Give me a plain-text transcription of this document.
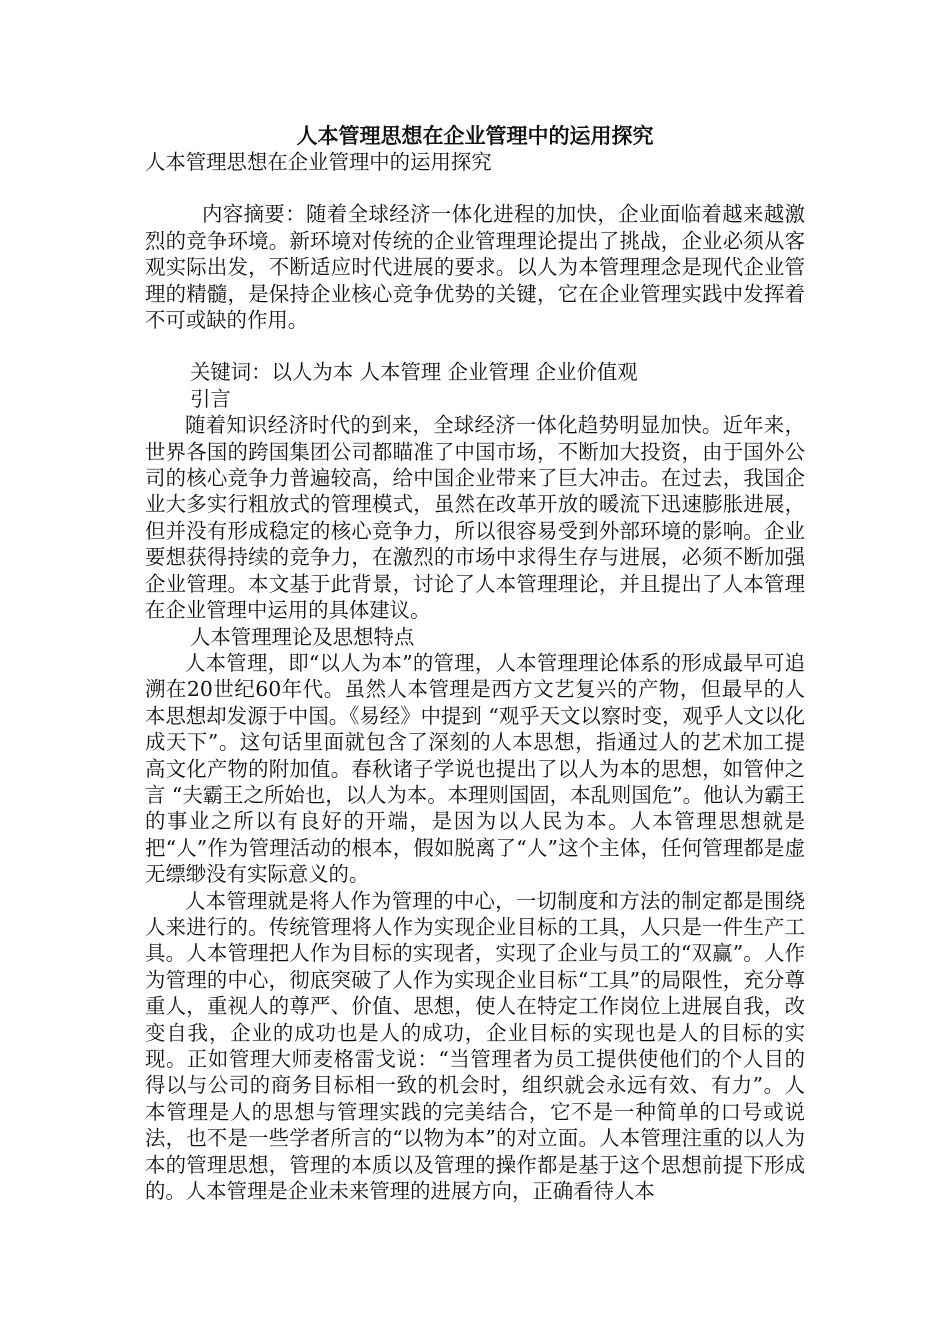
人本管理思想在企业管理中的运用探究

人本管理思想在企业管理中的运用探究

内容摘要：随着全球经济一体化进程的加快，企业面临着越来越激烈的竞争环境。新环境对传统的企业管理理论提出了挑战，企业必须从客观实际出发，不断适应时代进展的要求。以人为本管理理念是现代企业管理的精髓，是保持企业核心竞争优势的关键，它在企业管理实践中发挥着不可或缺的作用。

关键词：以人为本 人本管理 企业管理 企业价值观

引言

随着知识经济时代的到来，全球经济一体化趋势明显加快。近年来，世界各国的跨国集团公司都瞄准了中国市场，不断加大投资，由于国外公司的核心竞争力普遍较高，给中国企业带来了巨大冲击。在过去，我国企业大多实行粗放式的管理模式，虽然在改革开放的暖流下迅速膨胀进展，但并没有形成稳定的核心竞争力，所以很容易受到外部环境的影响。企业要想获得持续的竞争力，在激烈的市场中求得生存与进展，必须不断加强企业管理。本文基于此背景，讨论了人本管理理论，并且提出了人本管理在企业管理中运用的具体建议。

人本管理理论及思想特点

人本管理，即“以人为本”的管理，人本管理理论体系的形成最早可追溯在20世纪60年代。虽然人本管理是西方文艺复兴的产物，但最早的人本思想却发源于中国。《易经》中提到 “观乎天文以察时变，观乎人文以化成天下”。这句话里面就包含了深刻的人本思想，指通过人的艺术加工提高文化产物的附加值。春秋诸子学说也提出了以人为本的思想，如管仲之言 “夫霸王之所始也，以人为本。本理则国固，本乱则国危”。他认为霸王的事业之所以有良好的开端，是因为以人民为本。人本管理思想就是把“人”作为管理活动的根本，假如脱离了“人”这个主体，任何管理都是虚无缥缈没有实际意义的。

人本管理就是将人作为管理的中心，一切制度和方法的制定都是围绕人来进行的。传统管理将人作为实现企业目标的工具，人只是一件生产工具。人本管理把人作为目标的实现者，实现了企业与员工的“双赢”。人作为管理的中心，彻底突破了人作为实现企业目标“工具”的局限性，充分尊重人，重视人的尊严、价值、思想，使人在特定工作岗位上进展自我，改变自我，企业的成功也是人的成功，企业目标的实现也是人的目标的实现。正如管理大师麦格雷戈说：“当管理者为员工提供使他们的个人目的得以与公司的商务目标相一致的机会时，组织就会永远有效、有力”。人本管理是人的思想与管理实践的完美结合，它不是一种简单的口号或说法，也不是一些学者所言的“以物为本”的对立面。人本管理注重的以人为本的管理思想，管理的本质以及管理的操作都是基于这个思想前提下形成的。人本管理是企业未来管理的进展方向，正确看待人本
